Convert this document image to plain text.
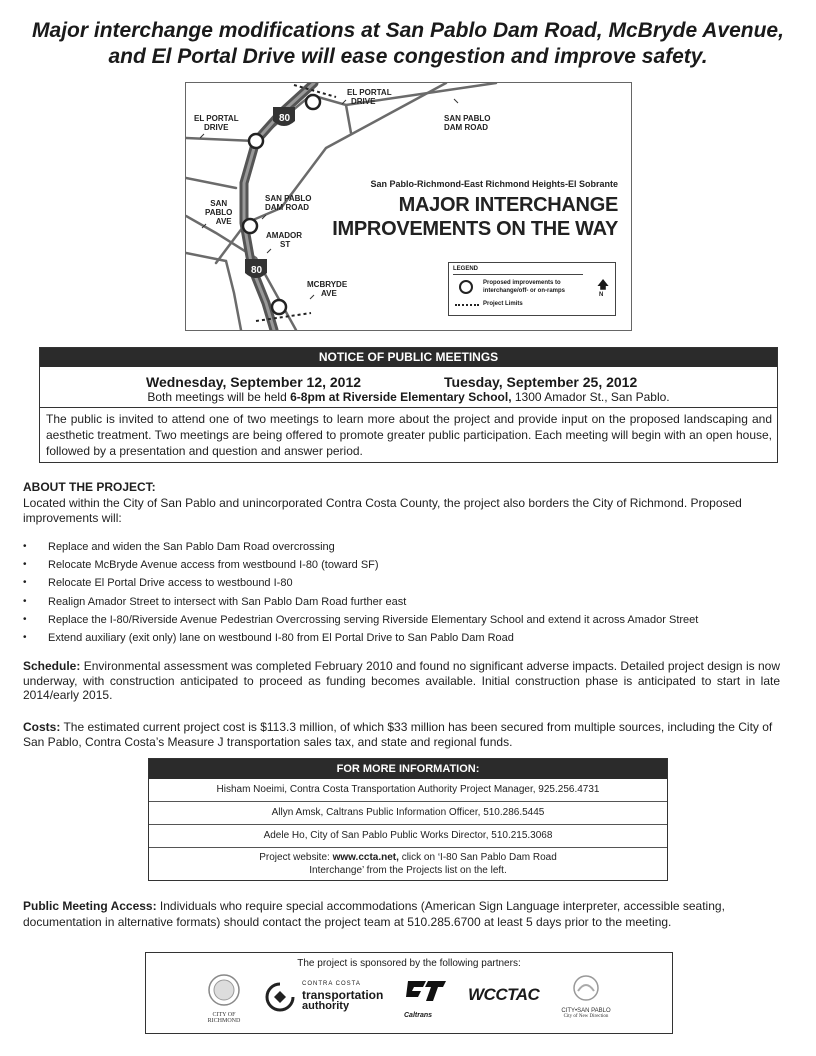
Major interchange modifications at San Pablo Dam Road, McBryde Avenue,
and El Portal Drive will ease congestion and improve safety.
80
80
EL PORTAL
DRIVE
EL PORTAL
DRIVE
SAN PABLO
DAM ROAD
SAN
PABLO
AVE
SAN PABLO
DAM ROAD
AMADOR
ST
MCBRYDE
AVE
San Pablo-Richmond-East Richmond Heights-El Sobrante
MAJOR INTERCHANGE
IMPROVEMENTS ON THE WAY
LEGEND
Proposed improvements to interchange/off- or on-ramps
Project Limits
🡅
N
NOTICE OF PUBLIC MEETINGS
Wednesday, September 12, 2012	Tuesday, September 25, 2012
Both meetings will be held 6-8pm at Riverside Elementary School, 1300 Amador St., San Pablo.
The public is invited to attend one of two meetings to learn more about the project and provide input on the proposed landscaping and aesthetic treatment. Two meetings are being offered to promote greater public participation. Each meeting will begin with an open house, followed by a presentation and question and answer period.
ABOUT THE PROJECT:
Located within the City of San Pablo and unincorporated Contra Costa County, the project also borders the City of Richmond. Proposed improvements will:
• Replace and widen the San Pablo Dam Road overcrossing
• Relocate McBryde Avenue access from westbound I-80 (toward SF)
• Relocate El Portal Drive access to westbound I-80
• Realign Amador Street to intersect with San Pablo Dam Road further east
• Replace the I-80/Riverside Avenue Pedestrian Overcrossing serving Riverside Elementary School and extend it across Amador Street
• Extend auxiliary (exit only) lane on westbound I-80 from El Portal Drive to San Pablo Dam Road
Schedule: Environmental assessment was completed February 2010 and found no significant adverse impacts. Detailed project design is now underway, with construction anticipated to proceed as funding becomes available. Initial construction phase is anticipated to start in late 2014/early 2015.
Costs: The estimated current project cost is $113.3 million, of which $33 million has been secured from multiple sources, including the City of San Pablo, Contra Costa’s Measure J transportation sales tax, and state and regional funds.
FOR MORE INFORMATION:
Hisham Noeimi, Contra Costa Transportation Authority Project Manager, 925.256.4731
Allyn Amsk, Caltrans Public Information Officer, 510.286.5445
Adele Ho, City of San Pablo Public Works Director, 510.215.3068
Project website: www.ccta.net, click on ‘I-80 San Pablo Dam Road
Interchange’ from the Projects list on the left.
Public Meeting Access: Individuals who require special accommodations (American Sign Language interpreter, accessible seating, documentation in alternative formats) should contact the project team at 510.285.6700 at least 5 days prior to the meeting.
The project is sponsored by the following partners:
CITY OF
RICHMOND
CONTRA COSTA
transportation
authority
Caltrans
WCCTAC
CITY•SAN PABLO
City of New Direction
